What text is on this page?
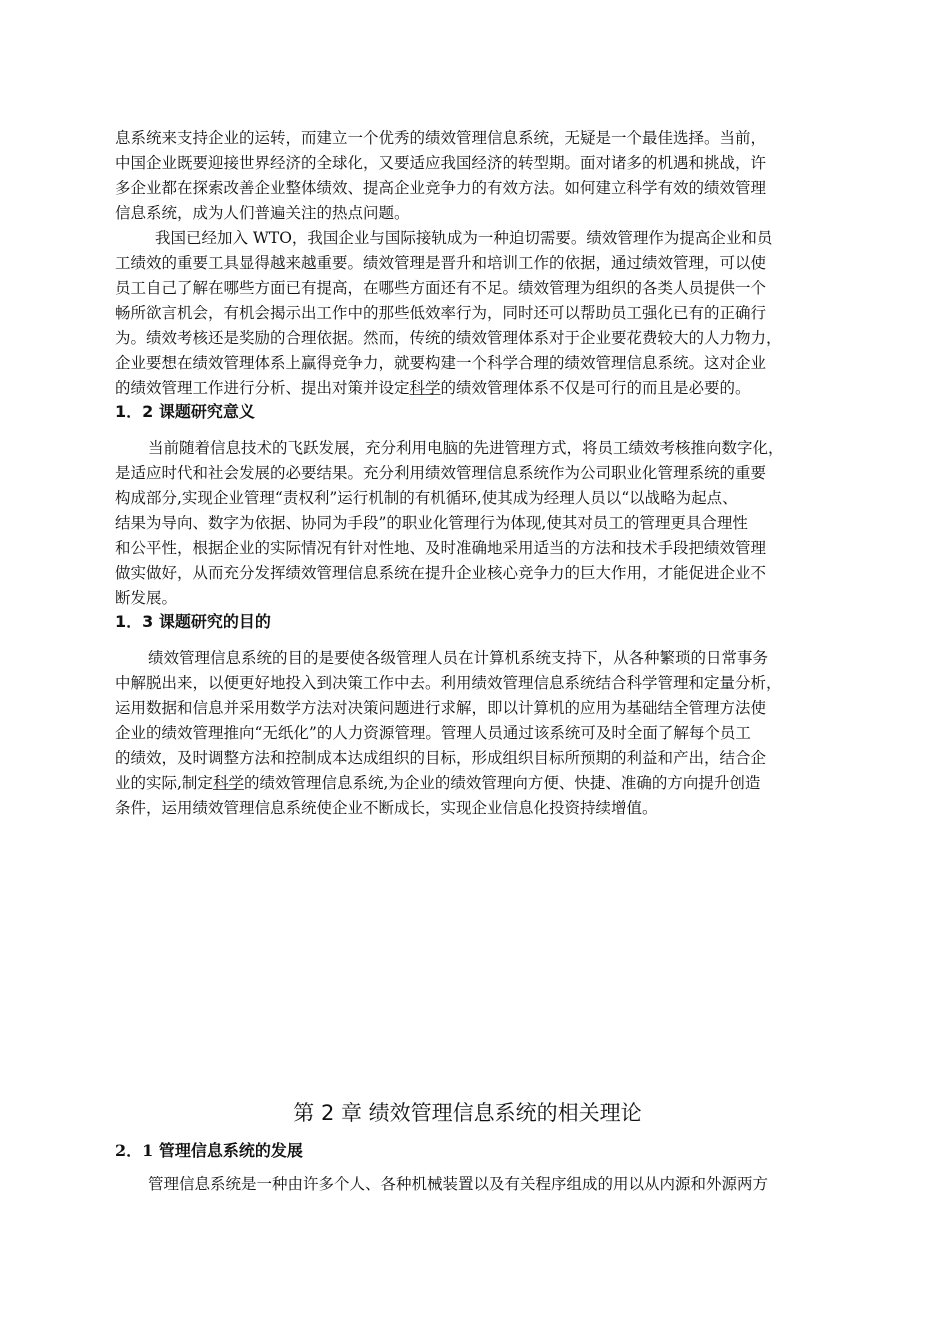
息系统来支持企业的运转，而建立一个优秀的绩效管理信息系统，无疑是一个最佳选择。当前，
中国企业既要迎接世界经济的全球化，又要适应我国经济的转型期。面对诸多的机遇和挑战，许
多企业都在探索改善企业整体绩效、提高企业竞争力的有效方法。如何建立科学有效的绩效管理
信息系统，成为人们普遍关注的热点问题。
我国已经加入 WTO，我国企业与国际接轨成为一种迫切需要。绩效管理作为提高企业和员
工绩效的重要工具显得越来越重要。绩效管理是晋升和培训工作的依据，通过绩效管理，可以使
员工自己了解在哪些方面已有提高，在哪些方面还有不足。绩效管理为组织的各类人员提供一个
畅所欲言机会，有机会揭示出工作中的那些低效率行为，同时还可以帮助员工强化已有的正确行
为。绩效考核还是奖励的合理依据。然而，传统的绩效管理体系对于企业要花费较大的人力物力，
企业要想在绩效管理体系上赢得竞争力，就要构建一个科学合理的绩效管理信息系统。这对企业
的绩效管理工作进行分析、提出对策并设定科学的绩效管理体系不仅是可行的而且是必要的。
1．2 课题研究意义
当前随着信息技术的飞跃发展，充分利用电脑的先进管理方式，将员工绩效考核推向数字化，
是适应时代和社会发展的必要结果。充分利用绩效管理信息系统作为公司职业化管理系统的重要
构成部分,实现企业管理“责权利”运行机制的有机循环,使其成为经理人员以“以战略为起点、
结果为导向、数字为依据、协同为手段”的职业化管理行为体现,使其对员工的管理更具合理性
和公平性，根据企业的实际情况有针对性地、及时准确地采用适当的方法和技术手段把绩效管理
做实做好，从而充分发挥绩效管理信息系统在提升企业核心竞争力的巨大作用，才能促进企业不
断发展。
1．3 课题研究的目的
绩效管理信息系统的目的是要使各级管理人员在计算机系统支持下，从各种繁琐的日常事务
中解脱出来，以便更好地投入到决策工作中去。利用绩效管理信息系统结合科学管理和定量分析，
运用数据和信息并采用数学方法对决策问题进行求解，即以计算机的应用为基础结全管理方法使
企业的绩效管理推向“无纸化”的人力资源管理。管理人员通过该系统可及时全面了解每个员工
的绩效，及时调整方法和控制成本达成组织的目标，形成组织目标所预期的利益和产出，结合企
业的实际,制定科学的绩效管理信息系统,为企业的绩效管理向方便、快捷、准确的方向提升创造
条件，运用绩效管理信息系统使企业不断成长，实现企业信息化投资持续增值。
第 2 章 绩效管理信息系统的相关理论
2．1 管理信息系统的发展
管理信息系统是一种由许多个人、各种机械装置以及有关程序组成的用以从内源和外源两方
